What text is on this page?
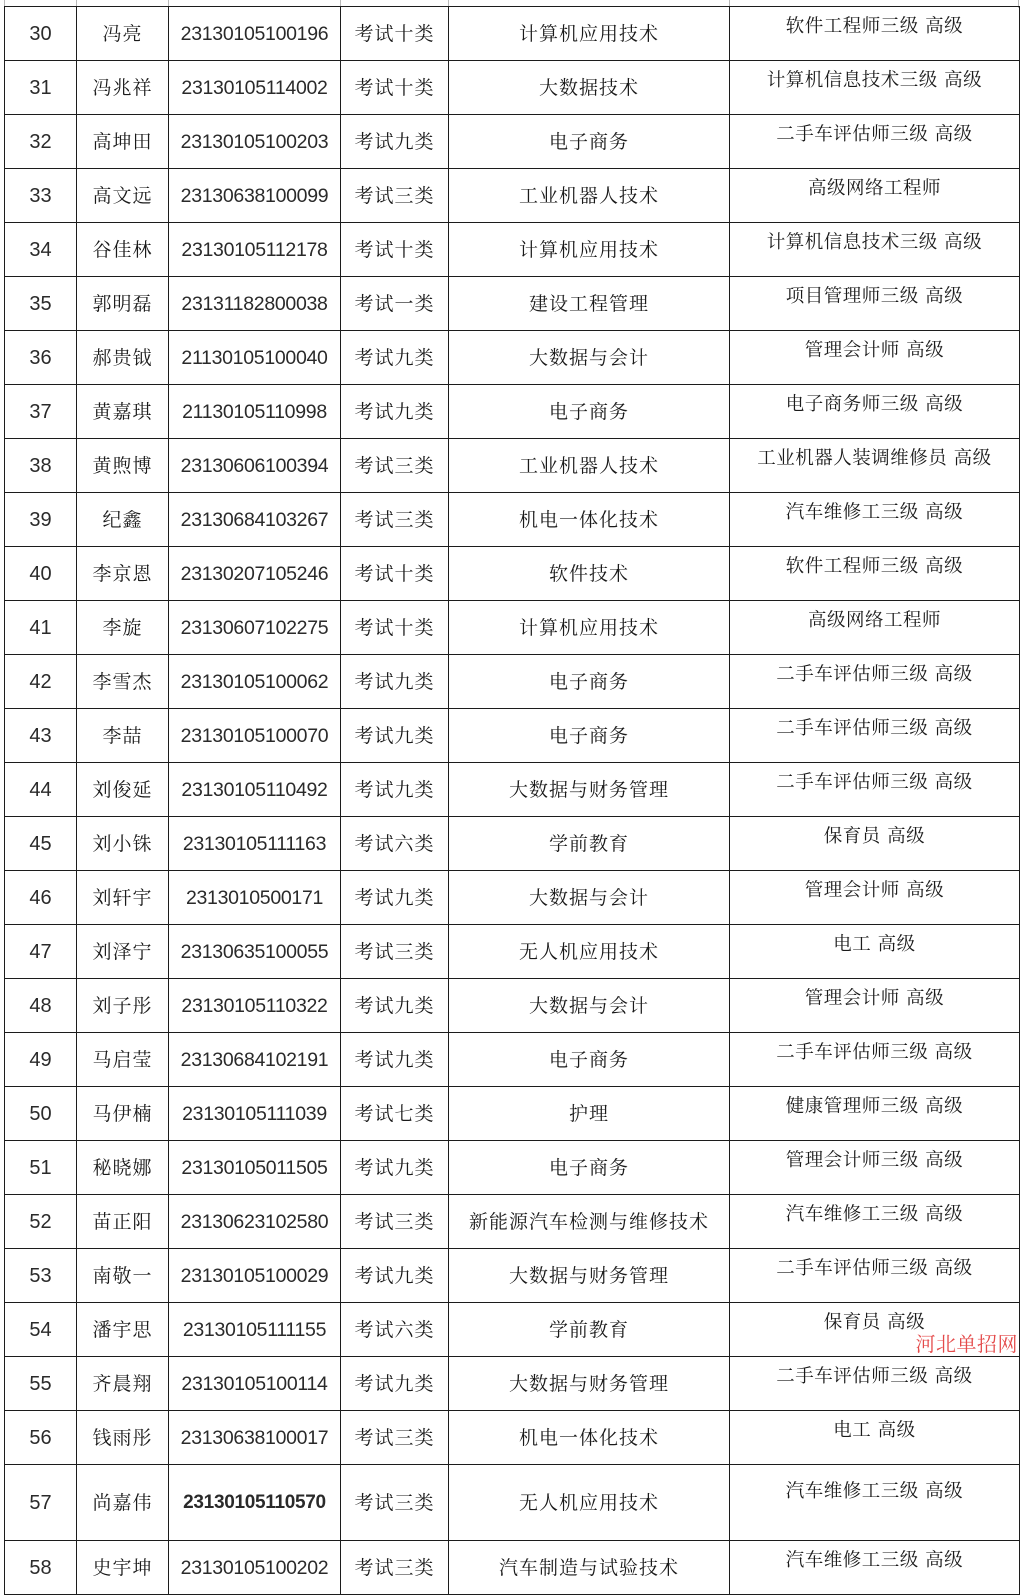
30	冯亮	23130105100196	考试十类	计算机应用技术	软件工程师三级 高级
31	冯兆祥	23130105114002	考试十类	大数据技术	计算机信息技术三级 高级
32	高坤田	23130105100203	考试九类	电子商务	二手车评估师三级 高级
33	高文远	23130638100099	考试三类	工业机器人技术	高级网络工程师
34	谷佳林	23130105112178	考试十类	计算机应用技术	计算机信息技术三级 高级
35	郭明磊	23131182800038	考试一类	建设工程管理	项目管理师三级 高级
36	郝贵钺	21130105100040	考试九类	大数据与会计	管理会计师 高级
37	黄嘉琪	21130105110998	考试九类	电子商务	电子商务师三级 高级
38	黄煦博	23130606100394	考试三类	工业机器人技术	工业机器人装调维修员 高级
39	纪鑫	23130684103267	考试三类	机电一体化技术	汽车维修工三级 高级
40	李京恩	23130207105246	考试十类	软件技术	软件工程师三级 高级
41	李旋	23130607102275	考试十类	计算机应用技术	高级网络工程师
42	李雪杰	23130105100062	考试九类	电子商务	二手车评估师三级 高级
43	李喆	23130105100070	考试九类	电子商务	二手车评估师三级 高级
44	刘俊延	23130105110492	考试九类	大数据与财务管理	二手车评估师三级 高级
45	刘小铢	23130105111163	考试六类	学前教育	保育员 高级
46	刘轩宇	2313010500171	考试九类	大数据与会计	管理会计师 高级
47	刘泽宁	23130635100055	考试三类	无人机应用技术	电工 高级
48	刘子彤	23130105110322	考试九类	大数据与会计	管理会计师 高级
49	马启莹	23130684102191	考试九类	电子商务	二手车评估师三级 高级
50	马伊楠	23130105111039	考试七类	护理	健康管理师三级 高级
51	秘晓娜	23130105011505	考试九类	电子商务	管理会计师三级 高级
52	苗正阳	23130623102580	考试三类	新能源汽车检测与维修技术	汽车维修工三级 高级
53	南敬一	23130105100029	考试九类	大数据与财务管理	二手车评估师三级 高级
54	潘宇思	23130105111155	考试六类	学前教育	保育员 高级
55	齐晨翔	23130105100114	考试九类	大数据与财务管理	二手车评估师三级 高级
56	钱雨彤	23130638100017	考试三类	机电一体化技术	电工 高级
57	尚嘉伟	23130105110570	考试三类	无人机应用技术	汽车维修工三级 高级
58	史宇坤	23130105100202	考试三类	汽车制造与试验技术	汽车维修工三级 高级
河北单招网
